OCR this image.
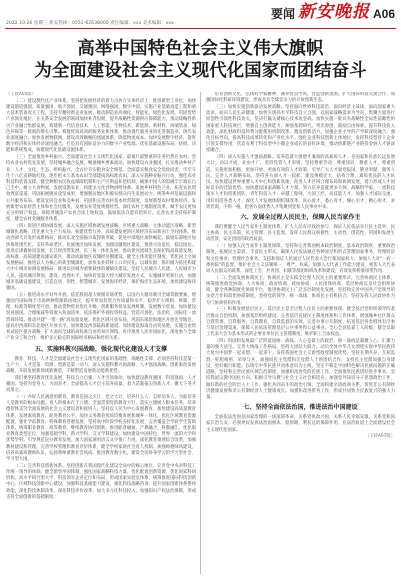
要闻 新安晚报 A06
2022.10.26 星期三 新安热线：0551-62638000 责任编辑：xxx 美术编辑：xxx
高举中国特色社会主义伟大旗帜
为全面建设社会主义现代化国家而团结奋斗

（上接A05版）

（二）建设现代化产业体系。坚持把发展经济的着力点放在实体经济上，推进新型工业化，加快建设制造强国、质量强国、航天强国、交通强国、网络强国、数字中国。实施产业基础再造工程和重大技术装备攻关工程，支持专精特新企业发展，推动制造业高端化、智能化、绿色化发展。巩固优势产业领先地位，在关系安全发展的领域加快补齐短板，提升战略性资源供应保障能力。推动战略性新兴产业融合集群发展，构建新一代信息技术、人工智能、生物技术、新能源、新材料、高端装备、绿色环保等一批新的增长引擎。构建优质高效的服务业新体系，推动现代服务业同先进制造业、现代农业深度融合。加快发展物联网，建设高效顺畅的流通体系，降低物流成本。加快发展数字经济，促进数字经济和实体经济深度融合，打造具有国际竞争力的数字产业集群。优化基础设施布局、结构、功能和系统集成，构建现代化基础设施体系。

（三）全面推进乡村振兴。全面建设社会主义现代化国家，最艰巨最繁重的任务仍然在农村。坚持农业农村优先发展，坚持城乡融合发展，畅通城乡要素流动。加快建设农业强国，扎实推动乡村产业、人才、文化、生态、组织振兴。全方位夯实粮食安全根基，全面落实粮食安全党政同责，牢牢守住十八亿亩耕地红线，逐步把永久基本农田全部建成高标准农田，深入实施种业振兴行动，强化农业科技和装备支撑，健全种粮农民收益保障机制和主产区利益补偿机制，确保中国人的饭碗牢牢端在自己手中。树立大食物观，发展设施农业，构建多元化食物供给体系。发展乡村特色产业，拓宽农民增收致富渠道。巩固拓展脱贫攻坚成果，增强脱贫地区和脱贫群众内生发展动力。统筹乡村基础设施和公共服务布局，建设宜居宜业和美乡村。巩固和完善农村基本经营制度，发展新型农村集体经济，发展新型农业经营主体和社会化服务，发展农业适度规模经营。深化农村土地制度改革，赋予农民更加充分的财产权益。保障进城落户农民合法土地权益，鼓励依法自愿有偿转让。完善农业支持保护制度，健全农村金融服务体系。

（四）促进区域协调发展。深入实施区域协调发展战略、区域重大战略、主体功能区战略、新型城镇化战略，优化重大生产力布局，构建优势互补、高质量发展的区域经济布局和国土空间体系。推动西部大开发形成新格局，推动东北全面振兴取得新突破，促进中部地区加快崛起，鼓励东部地区加快推进现代化。支持革命老区、民族地区加快发展，加强边疆地区建设，推进兴边富民、稳边固边。推进京津冀协同发展、长江经济带发展、长三角一体化发展，推动黄河流域生态保护和高质量发展。高标准、高质量建设雄安新区，推动成渝地区双城经济圈建设。健全主体功能区制度，优化国土空间发展格局。推进以人为核心的新型城镇化，加快农业转移人口市民化。以城市群、都市圈为依托构建大中小城市协调发展格局，推进以县城为重要载体的城镇化建设。坚持人民城市人民建、人民城市为人民，提高城市规划、建设、治理水平，加快转变超大特大城市发展方式，实施城市更新行动，加强城市基础设施建设，打造宜居、韧性、智慧城市。发展海洋经济，保护海洋生态环境，加快建设海洋强国。

（五）推进高水平对外开放。依托我国超大规模市场优势，以国内大循环吸引全球资源要素，增强国内国际两个市场两种资源联动效应，提升贸易投资合作质量和水平。稳步扩大规则、规制、管理、标准等制度型开放。推动货物贸易优化升级，创新服务贸易发展机制，发展数字贸易，加快建设贸易强国。合理缩减外资准入负面清单，依法保护外商投资权益，营造市场化、法治化、国际化一流营商环境。推动共建"一带一路"高质量发展。优化区域开放布局，巩固东部沿海地区开放先导地位，提高中西部和东北地区开放水平。加快建设西部陆海新通道。加快建设海南自由贸易港，实施自由贸易试验区提升战略，扩大面向全球的高标准自由贸易区网络。有序推进人民币国际化。深度参与全球产业分工和合作，维护多元稳定的国际经济格局和经贸关系。

五、实施科教兴国战略，强化现代化建设人才支撑

教育、科技、人才是全面建设社会主义现代化国家的基础性、战略性支撑。必须坚持科技是第一生产力、人才是第一资源、创新是第一动力，深入实施科教兴国战略、人才强国战略、创新驱动发展战略，开辟发展新领域新赛道，不断塑造发展新动能新优势。

我们要坚持教育优先发展、科技自立自强、人才引领驱动，加快建设教育强国、科技强国、人才强国，坚持为党育人、为国育才，全面提高人才自主培养质量，着力造就拔尖创新人才，聚天下英才而用之。

（一）办好人民满意的教育。教育是国之大计、党之大计。培养什么人、怎样培养人、为谁培养人是教育的根本问题。育人的根本在于立德。全面贯彻党的教育方针，落实立德树人根本任务，培养德智体美劳全面发展的社会主义建设者和接班人。坚持以人民为中心发展教育，加快建设高质量教育体系，发展素质教育，促进教育公平。加快义务教育优质均衡发展和城乡一体化，优化区域教育资源配置，强化学前教育、特殊教育普惠发展，坚持高中阶段学校多样化发展，完善覆盖全学段学生资助体系。统筹职业教育、高等教育、继续教育协同创新，推进职普融通、产教融合、科教融汇，优化职业教育类型定位。加强基础学科、新兴学科、交叉学科建设，加快建设中国特色、世界一流的大学和优势学科。引导规范民办教育发展。加大国家通用语言文字推广力度。深化教育领域综合改革，加强教材建设和管理，完善学校管理和教育评价体系，健全学校家庭社会育人机制。加强师德师风建设，培养高素质教师队伍，弘扬尊师重教社会风尚。推进教育数字化，建设全民终身学习的学习型社会、学习型大国。

（二）完善科技创新体系。坚持创新在我国现代化建设全局中的核心地位。完善党中央对科技工作统一领导的体制，健全新型举国体制，强化国家战略科技力量，优化配置创新资源，优化国家科研机构、高水平研究型大学、科技领军企业定位和布局，形成国家实验室体系，统筹推进国际科技创新中心、区域科技创新中心建设，加强科技基础能力建设，强化科技战略咨询，提升国家创新体系整体效能。深化科技体制改革，深化科技评价改革，加大多元化科技投入，加强知识产权法治保障，形成支持全面创新的基础制度。

培育创新文化，弘扬科学家精神，涵养优良学风，营造创新氛围。扩大国际科技交流合作，加强国际化科研环境建设，形成具有全球竞争力的开放创新生态。

（三）加快实施创新驱动发展战略。坚持面向世界科技前沿、面向经济主战场、面向国家重大需求、面向人民生命健康，加快实现高水平科技自立自强。以国家战略需求为导向，集聚力量进行原创性引领性科技攻关，坚决打赢关键核心技术攻坚战。加快实施一批具有战略性全局性前瞻性的国家重大科技项目，增强自主创新能力。加强基础研究，突出原创，鼓励自由探索。提升科技投入效能，深化财政科技经费分配使用机制改革，激发创新活力。加强企业主导的产学研深度融合，强化目标导向，提高科技成果转化和产业化水平。强化企业科技创新主体地位，发挥科技型骨干企业引领支撑作用，营造有利于科技型中小微企业成长的良好环境，推动创新链产业链资金链人才链深度融合。

（四）深入实施人才强国战略。培养造就大批德才兼备的高素质人才，是国家和民族长远发展大计。功以才成，业由才广。坚持党管人才原则，坚持尊重劳动、尊重知识、尊重人才、尊重创造，实施更加积极、更加开放、更加有效的人才政策，引导广大人才爱党报国、敬业奉献、服务人民。完善人才战略布局，坚持各方面人才一起抓，建设规模宏大、结构合理、素质优良的人才队伍。加快建设世界重要人才中心和创新高地，促进人才区域合理布局和协调发展，着力形成人才国际竞争的比较优势。加快建设国家战略人才力量，努力培养造就更多大师、战略科学家、一流科技领军人才和创新团队、青年科技人才、卓越工程师、大国工匠、高技能人才。加强人才国际交流，用好用活各类人才。深化人才发展体制机制改革，真心爱才、悉心育才、倾心引才、精心用才，求贤若渴，不拘一格，把各方面优秀人才集聚到党和人民事业中来。

六、发展全过程人民民主，保障人民当家作主

我们要健全人民当家作主制度体系，扩大人民有序政治参与，保证人民依法实行民主选举、民主协商、民主决策、民主管理、民主监督，发挥人民群众积极性、主动性、创造性，巩固和发展生动活泼、安定团结的政治局面。

（一）加强人民当家作主制度保障。坚持和完善我国根本政治制度、基本政治制度、重要政治制度，拓展民主渠道，丰富民主形式，确保人民依法通过各种途径和形式管理国家事务，管理经济和文化事业，管理社会事务。支持和保证人民通过人民代表大会行使国家权力。加强人大对"一府一委两院"的监督，维护社会主义法制统一、尊严、权威。加强人大代表工作能力建设，密切人大代表同人民群众的联系。深化工会、共青团、妇联等群团组织改革和建设，有效发挥桥梁纽带作用。

（二）全面发展协商民主。协商民主是实践全过程人民民主的重要形式。完善协商民主体系，统筹推进政党协商、人大协商、政府协商、政协协商、人民团体协商、基层协商以及社会组织协商，健全各种制度化协商平台，推进协商民主广泛多层制度化发展。坚持和完善中国共产党领导的多党合作和政治协商制度，坚持党的领导、统一战线、协商民主有机结合，坚持发挥人民政协作为专门协商机构作用。

（三）积极发展基层民主。基层民主是全过程人民民主的重要体现。健全基层党组织领导的基层群众自治机制，加强基层组织建设，完善基层直接民主制度体系和工作体系，增强城乡社区群众自我管理、自我服务、自我教育、自我监督的实效。完善办事公开制度，拓宽基层各类群体有序参与基层治理渠道，保障人民依法管理基层公共事务和公益事业。全心全意依靠工人阶级，健全以职工代表大会为基本形式的企事业单位民主管理制度，维护职工合法权益。

（四）巩固和发展最广泛的爱国统一战线。人心是最大的政治，统一战线是凝聚人心、汇聚力量的强大法宝。完善大统战工作格局，坚持大团结大联合，动员全体中华儿女围绕实现中华民族伟大复兴中国梦一起来想、一起来干。发挥我国社会主义新型政党制度优势，坚持长期共存、互相监督、肝胆相照、荣辱与共，加强同民主党派和无党派人士的团结合作，支持民主党派加强自身建设、更好履行职能。以铸牢中华民族共同体意识为主线，坚定不移走中国特色解决民族问题的正确道路，坚持和完善民族区域自治制度，加强和改进党的民族工作，全面推进民族团结进步事业。坚持我国宗教中国化方向，积极引导宗教与社会主义社会相适应。加强党外知识分子思想政治工作，做好新的社会阶层人士工作，强化共同奋斗的政治引领。全面构建亲清政商关系，促进非公有制经济健康发展和非公有制经济人士健康成长。加强和改进侨务工作，形成共同致力民族复兴的强大力量。

七、坚持全面依法治国，推进法治中国建设

全面依法治国是国家治理的一场深刻革命，关系党执政兴国，关系人民幸福安康，关系党和国家长治久安。必须更好发挥法治固根本、稳预期、利长远的保障作用，在法治轨道上全面建设社会主义现代化国家。

（下转A07版）
